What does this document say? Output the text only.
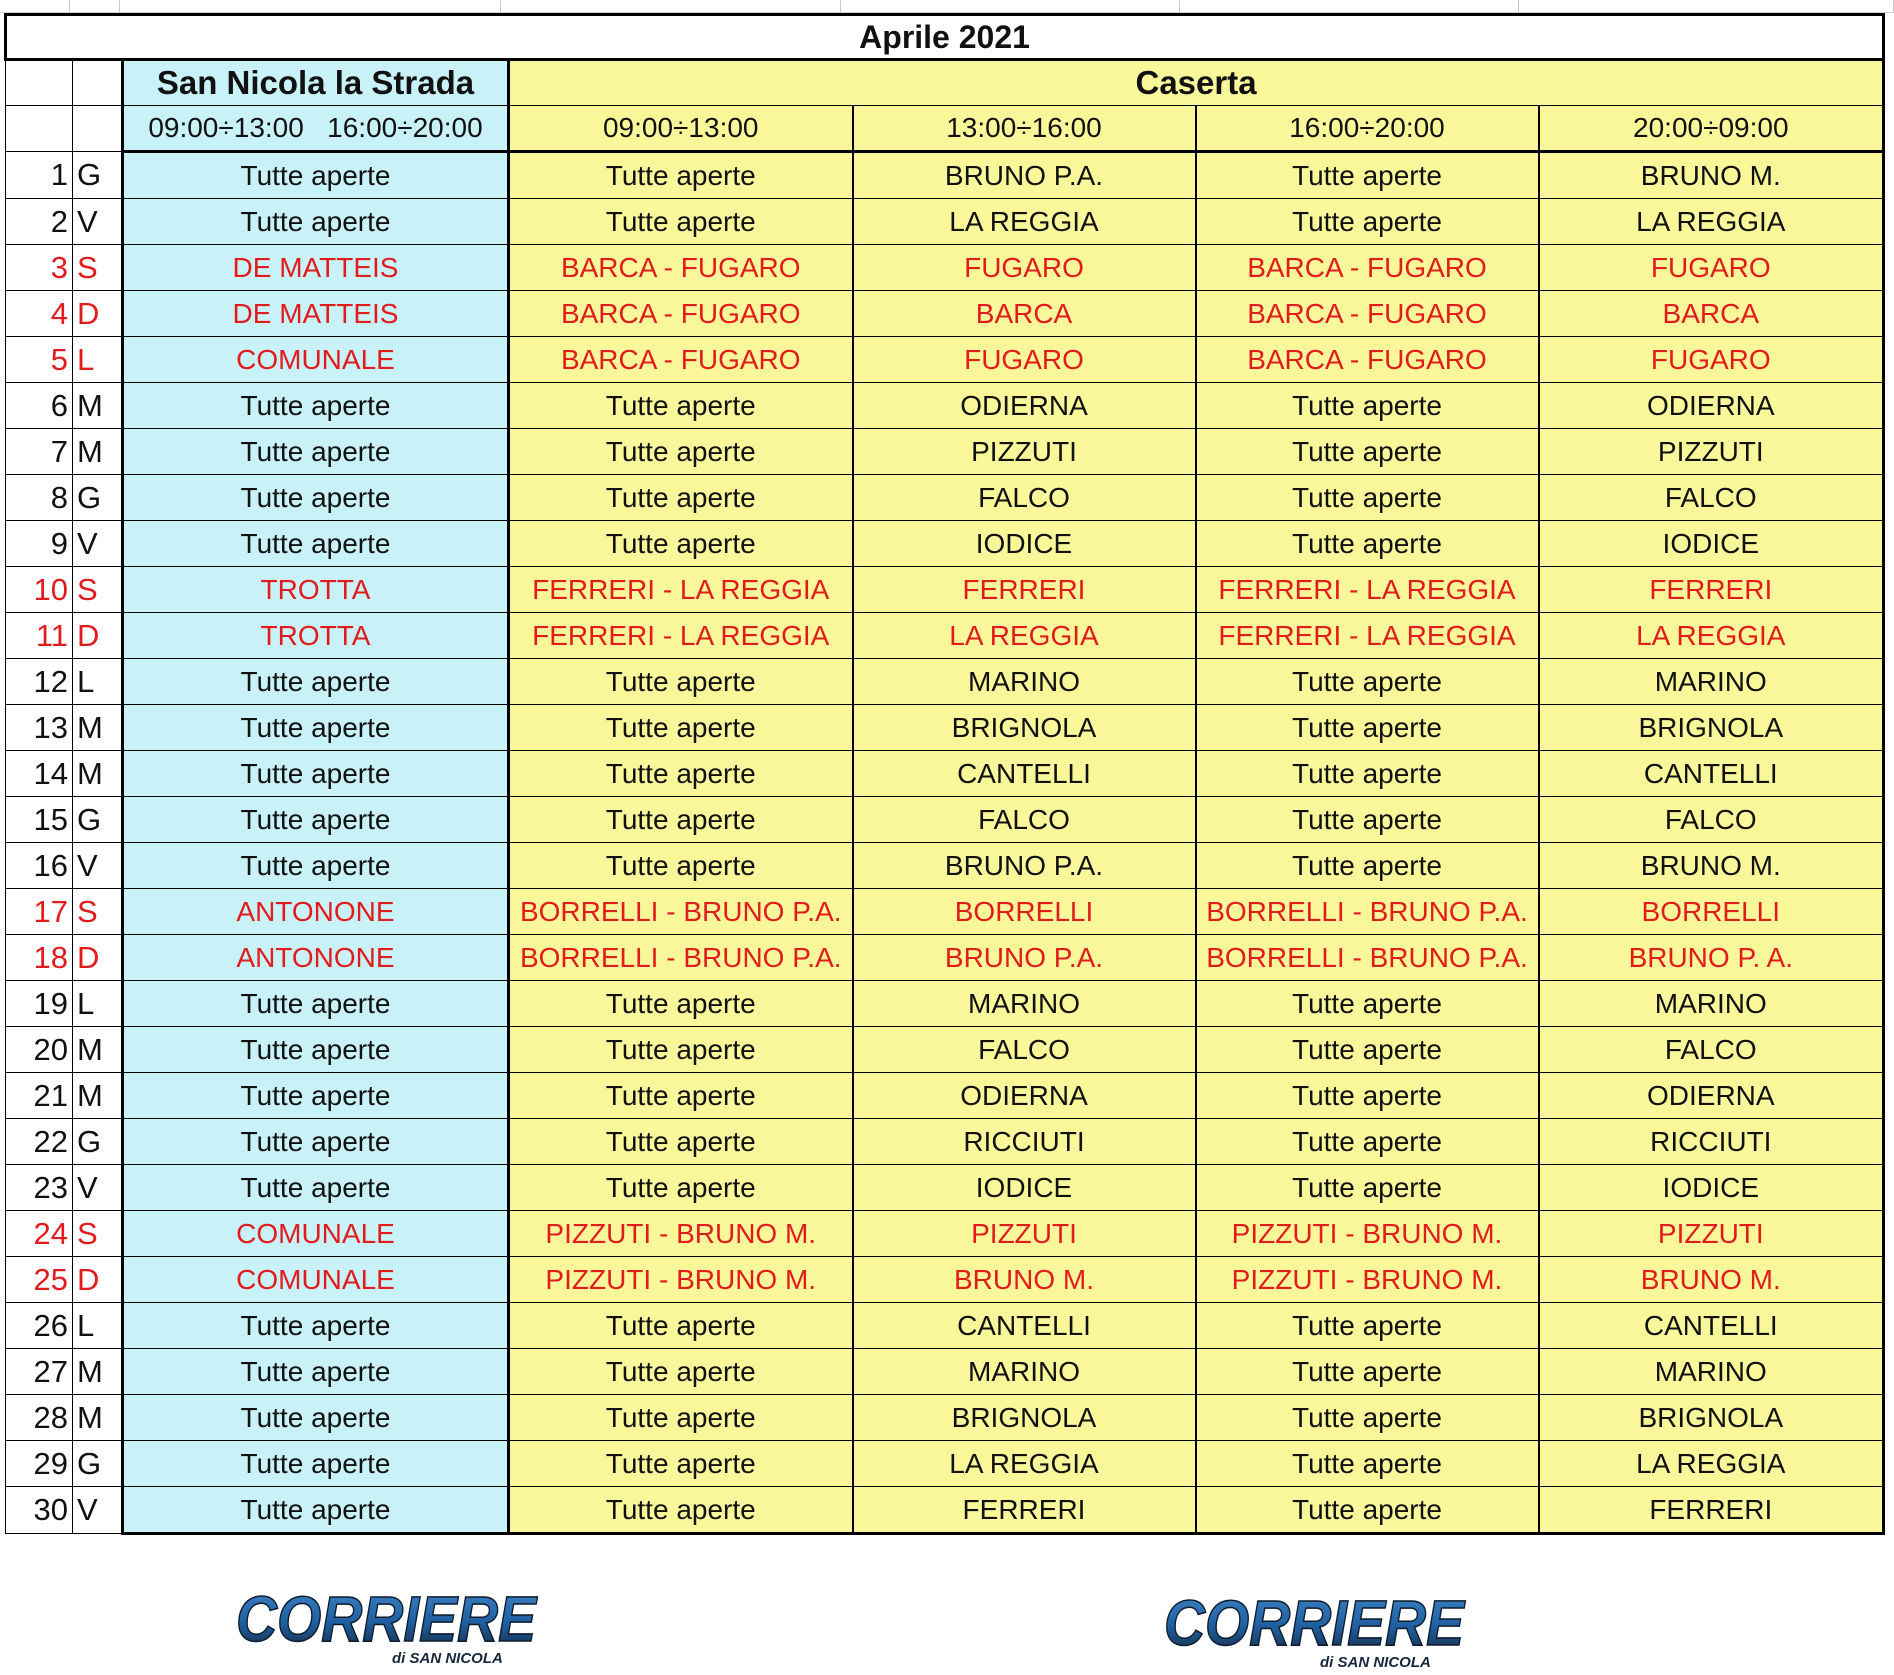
Aprile 2021						
		San Nicola la Strada	Caserta			
		09:00÷13:00   16:00÷20:00	09:00÷13:00	13:00÷16:00	16:00÷20:00	20:00÷09:00
1	G	Tutte aperte	Tutte aperte	BRUNO P.A.	Tutte aperte	BRUNO M.
2	V	Tutte aperte	Tutte aperte	LA REGGIA	Tutte aperte	LA REGGIA
3	S	DE MATTEIS	BARCA - FUGARO	FUGARO	BARCA - FUGARO	FUGARO
4	D	DE MATTEIS	BARCA - FUGARO	BARCA	BARCA - FUGARO	BARCA
5	L	COMUNALE	BARCA - FUGARO	FUGARO	BARCA - FUGARO	FUGARO
6	M	Tutte aperte	Tutte aperte	ODIERNA	Tutte aperte	ODIERNA
7	M	Tutte aperte	Tutte aperte	PIZZUTI	Tutte aperte	PIZZUTI
8	G	Tutte aperte	Tutte aperte	FALCO	Tutte aperte	FALCO
9	V	Tutte aperte	Tutte aperte	IODICE	Tutte aperte	IODICE
10	S	TROTTA	FERRERI - LA REGGIA	FERRERI	FERRERI - LA REGGIA	FERRERI
11	D	TROTTA	FERRERI - LA REGGIA	LA REGGIA	FERRERI - LA REGGIA	LA REGGIA
12	L	Tutte aperte	Tutte aperte	MARINO	Tutte aperte	MARINO
13	M	Tutte aperte	Tutte aperte	BRIGNOLA	Tutte aperte	BRIGNOLA
14	M	Tutte aperte	Tutte aperte	CANTELLI	Tutte aperte	CANTELLI
15	G	Tutte aperte	Tutte aperte	FALCO	Tutte aperte	FALCO
16	V	Tutte aperte	Tutte aperte	BRUNO P.A.	Tutte aperte	BRUNO M.
17	S	ANTONONE	BORRELLI - BRUNO P.A.	BORRELLI	BORRELLI - BRUNO P.A.	BORRELLI
18	D	ANTONONE	BORRELLI - BRUNO P.A.	BRUNO P.A.	BORRELLI - BRUNO P.A.	BRUNO P. A.
19	L	Tutte aperte	Tutte aperte	MARINO	Tutte aperte	MARINO
20	M	Tutte aperte	Tutte aperte	FALCO	Tutte aperte	FALCO
21	M	Tutte aperte	Tutte aperte	ODIERNA	Tutte aperte	ODIERNA
22	G	Tutte aperte	Tutte aperte	RICCIUTI	Tutte aperte	RICCIUTI
23	V	Tutte aperte	Tutte aperte	IODICE	Tutte aperte	IODICE
24	S	COMUNALE	PIZZUTI - BRUNO M.	PIZZUTI	PIZZUTI - BRUNO M.	PIZZUTI
25	D	COMUNALE	PIZZUTI - BRUNO M.	BRUNO M.	PIZZUTI - BRUNO M.	BRUNO M.
26	L	Tutte aperte	Tutte aperte	CANTELLI	Tutte aperte	CANTELLI
27	M	Tutte aperte	Tutte aperte	MARINO	Tutte aperte	MARINO
28	M	Tutte aperte	Tutte aperte	BRIGNOLA	Tutte aperte	BRIGNOLA
29	G	Tutte aperte	Tutte aperte	LA REGGIA	Tutte aperte	LA REGGIA
30	V	Tutte aperte	Tutte aperte	FERRERI	Tutte aperte	FERRERI
CORRIERE
di SAN NICOLA	CORRIERE
di SAN NICOLA
